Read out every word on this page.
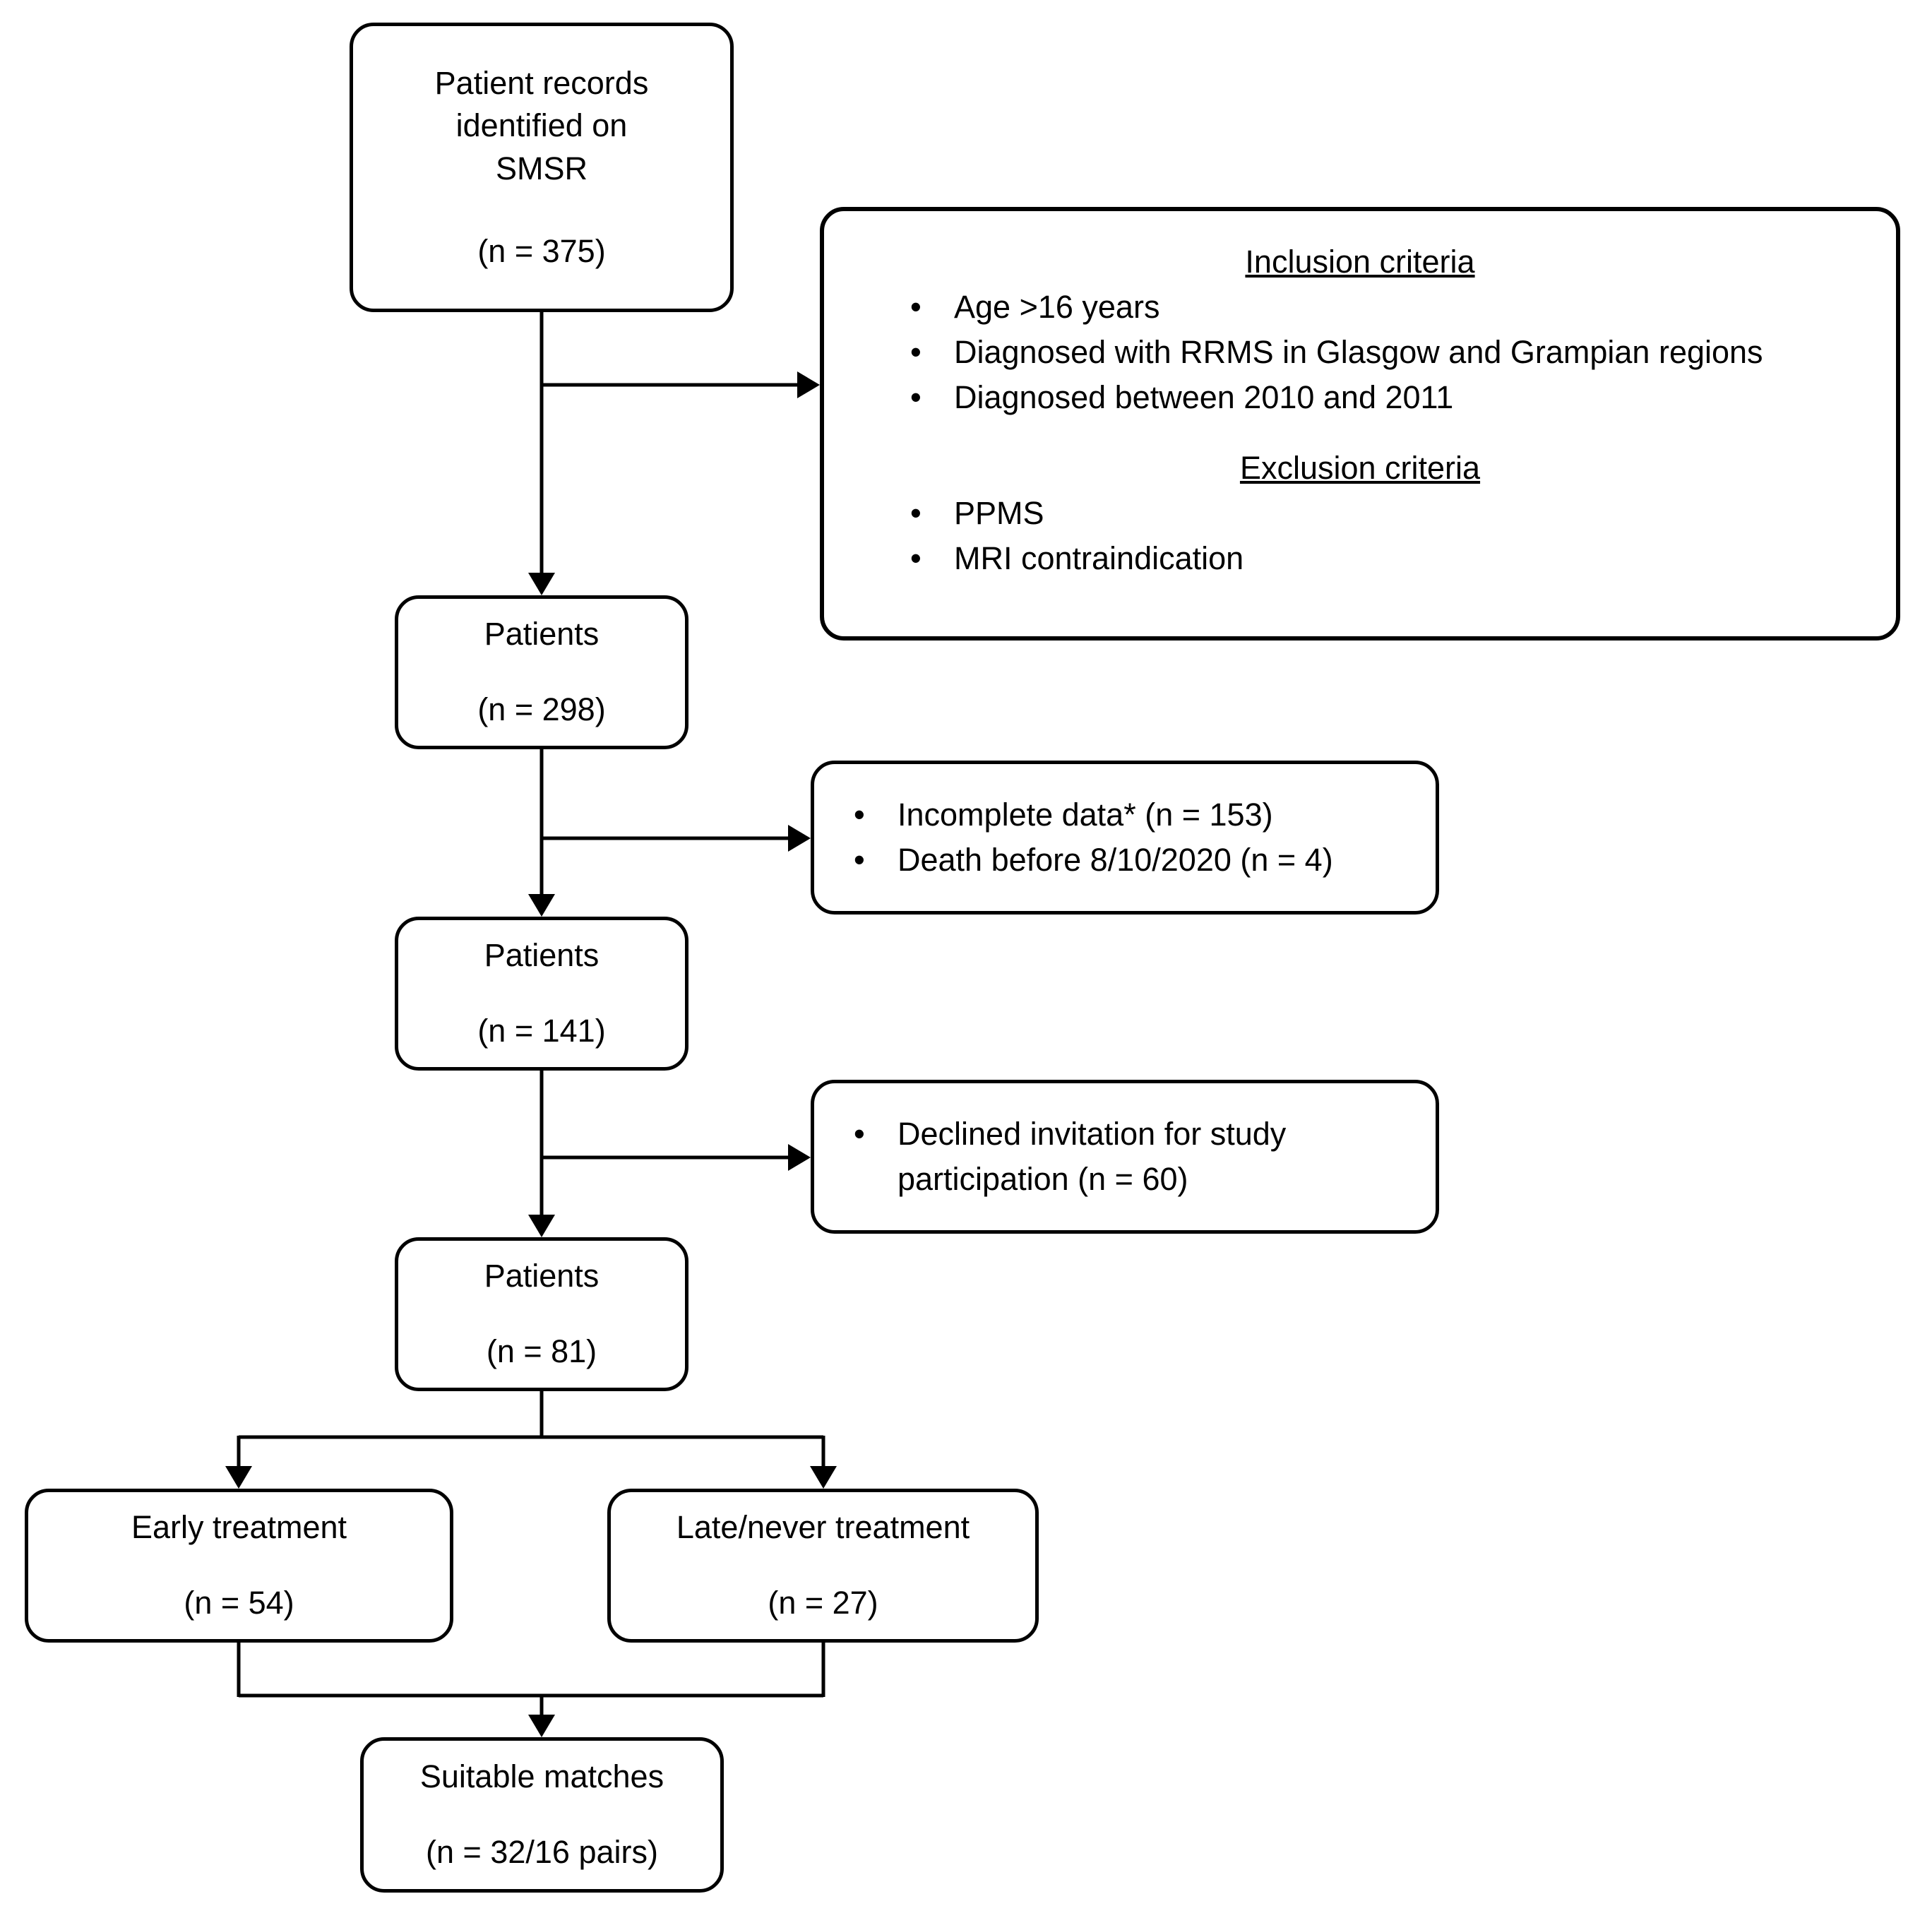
Patient records
identified on
SMSR
(n = 375)	Inclusion criteria
• Age >16 years
• Diagnosed with RRMS in Glasgow and Grampian regions
• Diagnosed between 2010 and 2011
Exclusion criteria
• PPMS
• MRI contraindication
Patients
(n = 298)
• Incomplete data* (n = 153)
• Death before 8/10/2020 (n = 4)
Patients
(n = 141)
• Declined invitation for study participation (n = 60)
Patients
(n = 81)
Early treatment
(n = 54)
Late/never treatment
(n = 27)
Suitable matches
(n = 32/16 pairs)
